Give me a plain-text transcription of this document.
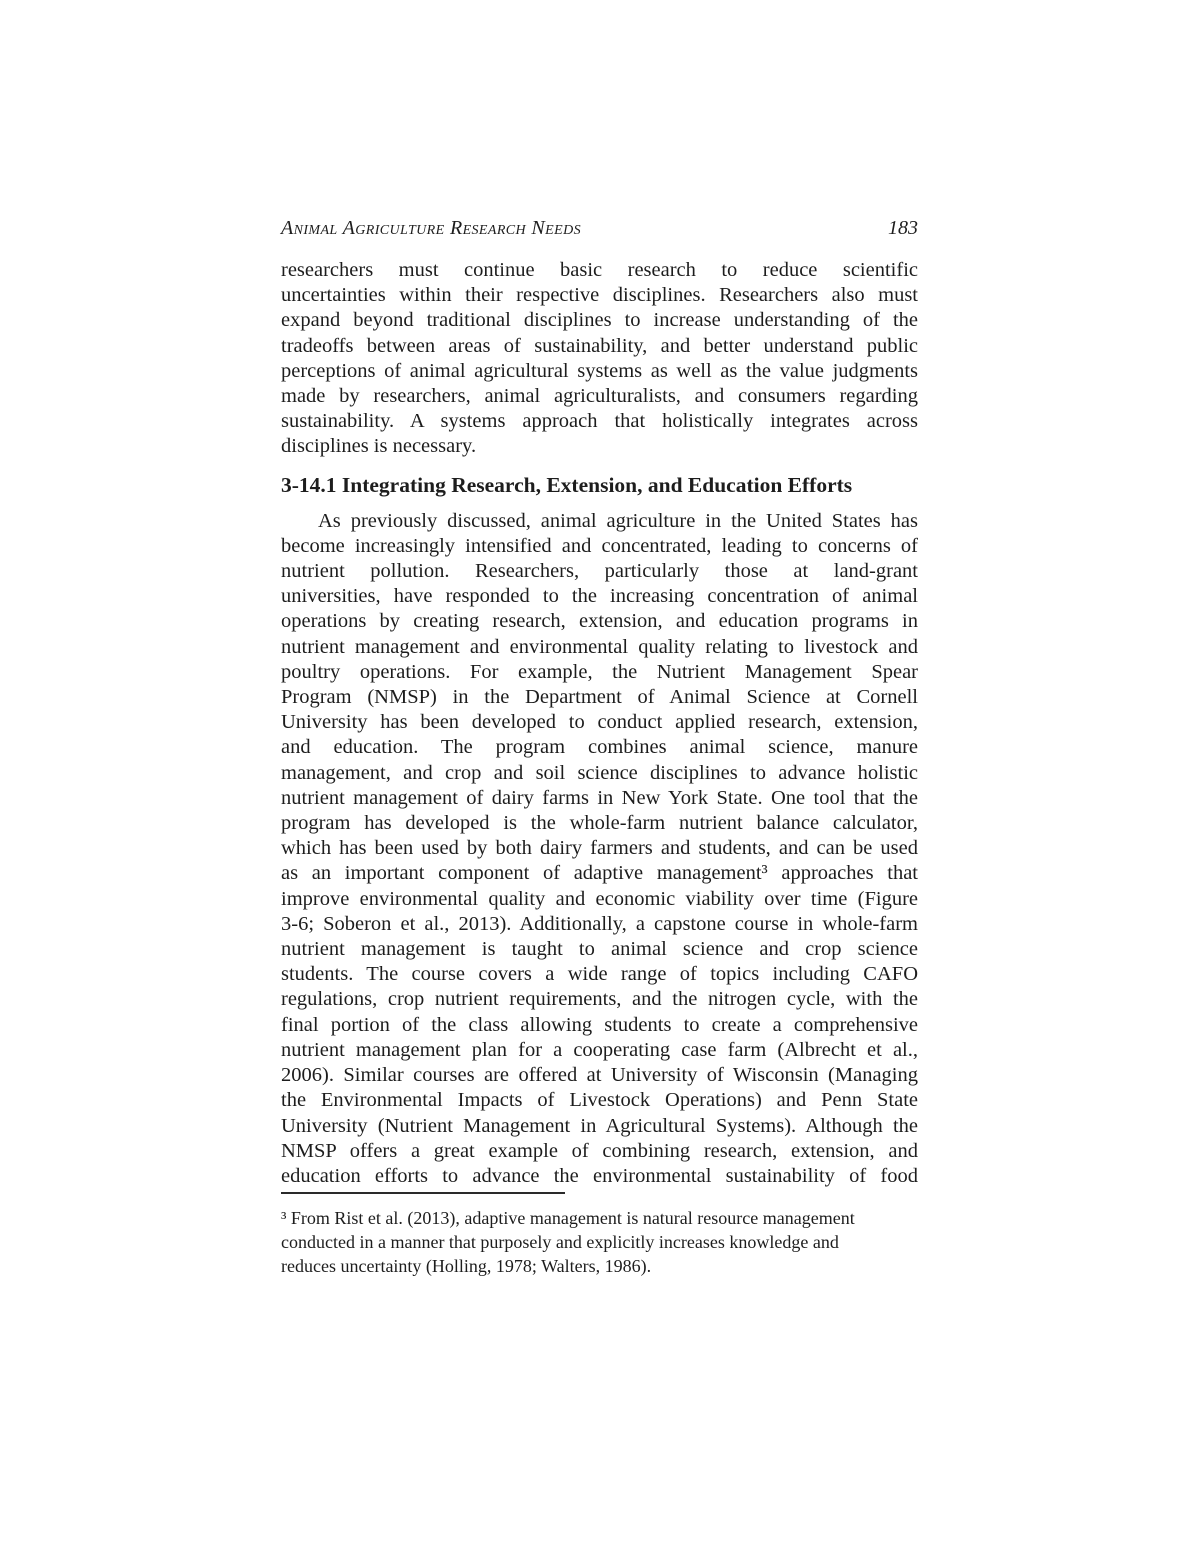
Animal Agriculture Research Needs	183
researchers must continue basic research to reduce scientific
uncertainties within their respective disciplines. Researchers also must
expand beyond traditional disciplines to increase understanding of the
tradeoffs between areas of sustainability, and better understand public
perceptions of animal agricultural systems as well as the value judgments
made by researchers, animal agriculturalists, and consumers regarding
sustainability. A systems approach that holistically integrates across
disciplines is necessary.
3-14.1 Integrating Research, Extension, and Education Efforts
As previously discussed, animal agriculture in the United States has
become increasingly intensified and concentrated, leading to concerns of
nutrient pollution. Researchers, particularly those at land-grant
universities, have responded to the increasing concentration of animal
operations by creating research, extension, and education programs in
nutrient management and environmental quality relating to livestock and
poultry operations. For example, the Nutrient Management Spear
Program (NMSP) in the Department of Animal Science at Cornell
University has been developed to conduct applied research, extension,
and education. The program combines animal science, manure
management, and crop and soil science disciplines to advance holistic
nutrient management of dairy farms in New York State. One tool that the
program has developed is the whole-farm nutrient balance calculator,
which has been used by both dairy farmers and students, and can be used
as an important component of adaptive management³ approaches that
improve environmental quality and economic viability over time (Figure
3-6; Soberon et al., 2013). Additionally, a capstone course in whole-farm
nutrient management is taught to animal science and crop science
students. The course covers a wide range of topics including CAFO
regulations, crop nutrient requirements, and the nitrogen cycle, with the
final portion of the class allowing students to create a comprehensive
nutrient management plan for a cooperating case farm (Albrecht et al.,
2006). Similar courses are offered at University of Wisconsin (Managing
the Environmental Impacts of Livestock Operations) and Penn State
University (Nutrient Management in Agricultural Systems). Although the
NMSP offers a great example of combining research, extension, and
education efforts to advance the environmental sustainability of food
³ From Rist et al. (2013), adaptive management is natural resource management
conducted in a manner that purposely and explicitly increases knowledge and
reduces uncertainty (Holling, 1978; Walters, 1986).
